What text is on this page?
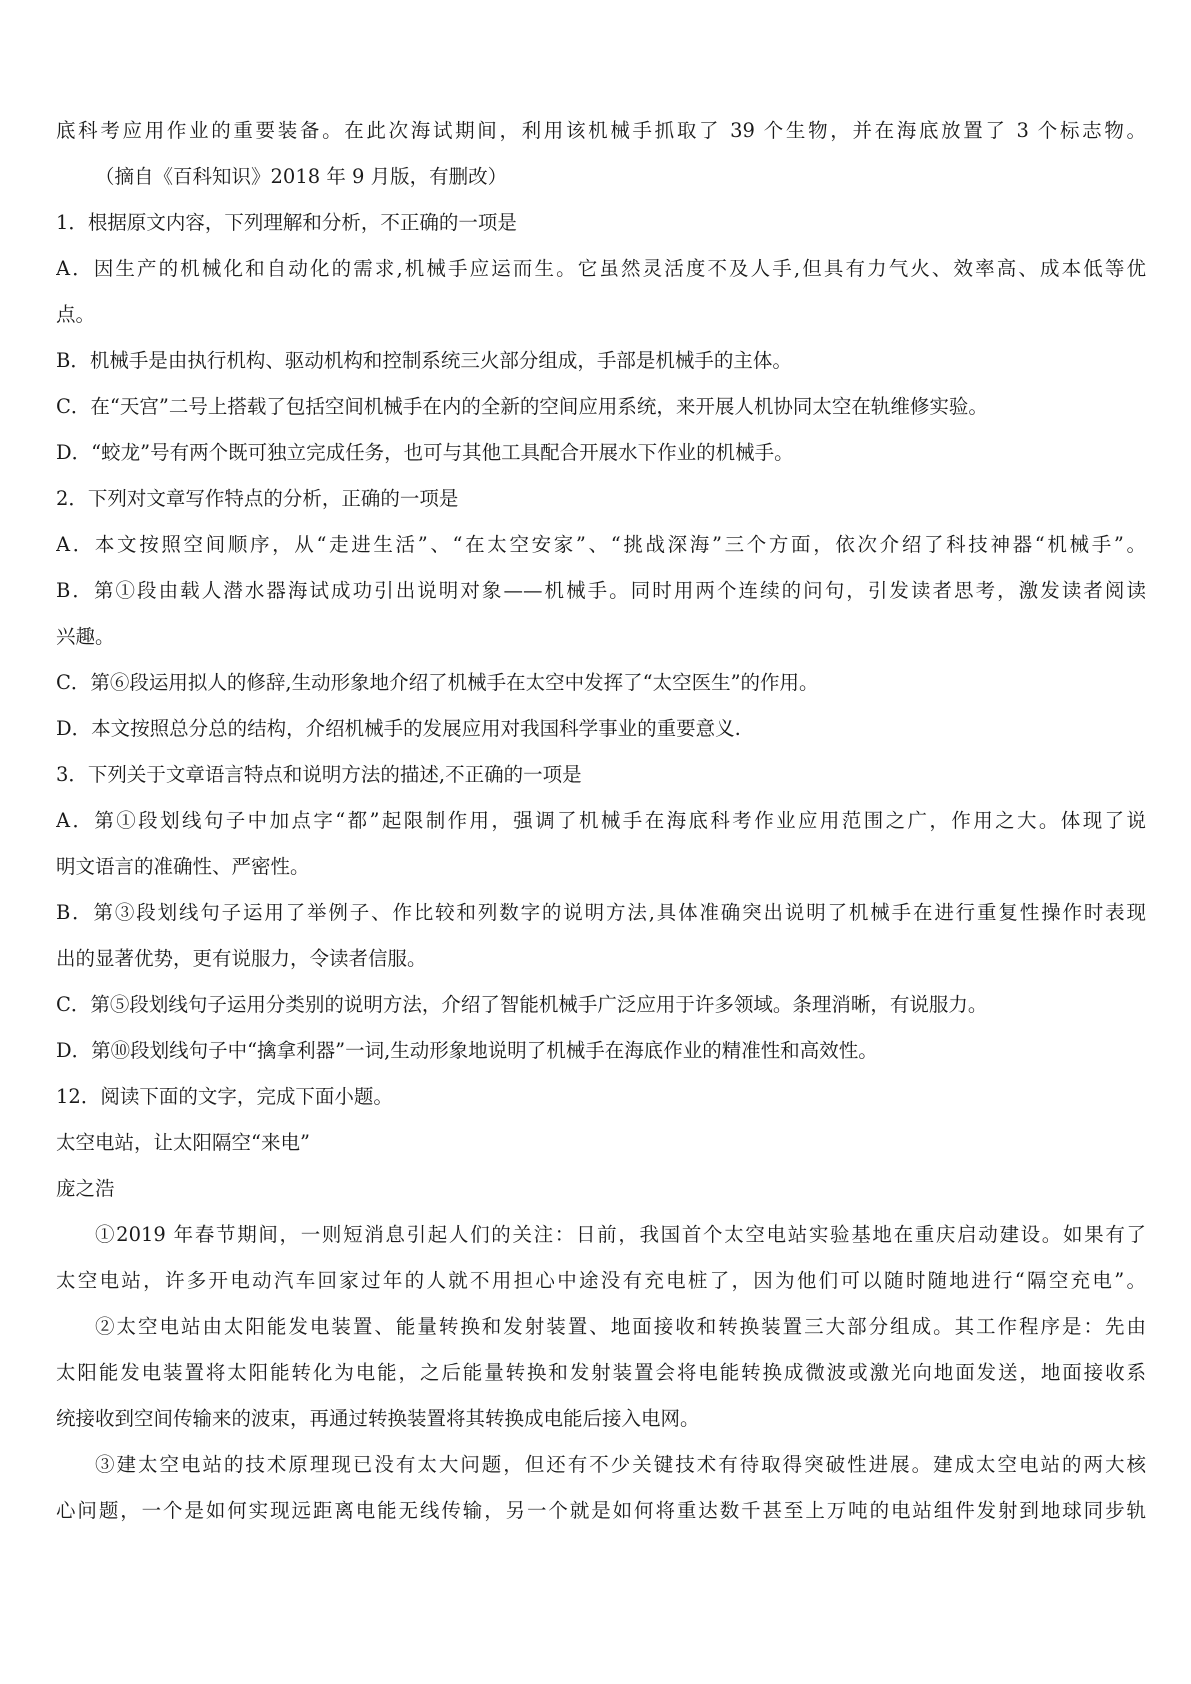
底科考应用作业的重要装备。在此次海试期间，利用该机械手抓取了 39 个生物，并在海底放置了 3 个标志物。
（摘自《百科知识》2018 年 9 月版，有删改）
1．根据原文内容，下列理解和分析，不正确的一项是
A．因生产的机械化和自动化的需求,机械手应运而生。它虽然灵活度不及人手,但具有力气火、效率高、成本低等优
点。
B．机械手是由执行机构、驱动机构和控制系统三火部分组成，手部是机械手的主体。
C．在“天宫”二号上搭载了包括空间机械手在内的全新的空间应用系统，来开展人机协同太空在轨维修实验。
D．“蛟龙”号有两个既可独立完成任务，也可与其他工具配合开展水下作业的机械手。
2．下列对文章写作特点的分析，正确的一项是
A．本文按照空间顺序，从“走进生活”、“在太空安家”、“挑战深海”三个方面，依次介绍了科技神器“机械手”。
B．第①段由载人潜水器海试成功引出说明对象——机械手。同时用两个连续的问句，引发读者思考，激发读者阅读
兴趣。
C．第⑥段运用拟人的修辞,生动形象地介绍了机械手在太空中发挥了“太空医生”的作用。
D．本文按照总分总的结构，介绍机械手的发展应用对我国科学事业的重要意义.
3．下列关于文章语言特点和说明方法的描述,不正确的一项是
A．第①段划线句子中加点字“都”起限制作用，强调了机械手在海底科考作业应用范围之广，作用之大。体现了说
明文语言的准确性、严密性。
B．第③段划线句子运用了举例子、作比较和列数字的说明方法,具体准确突出说明了机械手在进行重复性操作时表现
出的显著优势，更有说服力，令读者信服。
C．第⑤段划线句子运用分类别的说明方法，介绍了智能机械手广泛应用于许多领域。条理消晰，有说服力。
D．第⑩段划线句子中“擒拿利器”一词,生动形象地说明了机械手在海底作业的精准性和高效性。
12．阅读下面的文字，完成下面小题。
太空电站，让太阳隔空“来电”
庞之浩
①2019 年春节期间，一则短消息引起人们的关注：日前，我国首个太空电站实验基地在重庆启动建设。如果有了
太空电站，许多开电动汽车回家过年的人就不用担心中途没有充电桩了，因为他们可以随时随地进行“隔空充电”。
②太空电站由太阳能发电装置、能量转换和发射装置、地面接收和转换装置三大部分组成。其工作程序是：先由
太阳能发电装置将太阳能转化为电能，之后能量转换和发射装置会将电能转换成微波或激光向地面发送，地面接收系
统接收到空间传输来的波束，再通过转换装置将其转换成电能后接入电网。
③建太空电站的技术原理现已没有太大问题，但还有不少关键技术有待取得突破性进展。建成太空电站的两大核
心问题，一个是如何实现远距离电能无线传输，另一个就是如何将重达数千甚至上万吨的电站组件发射到地球同步轨
